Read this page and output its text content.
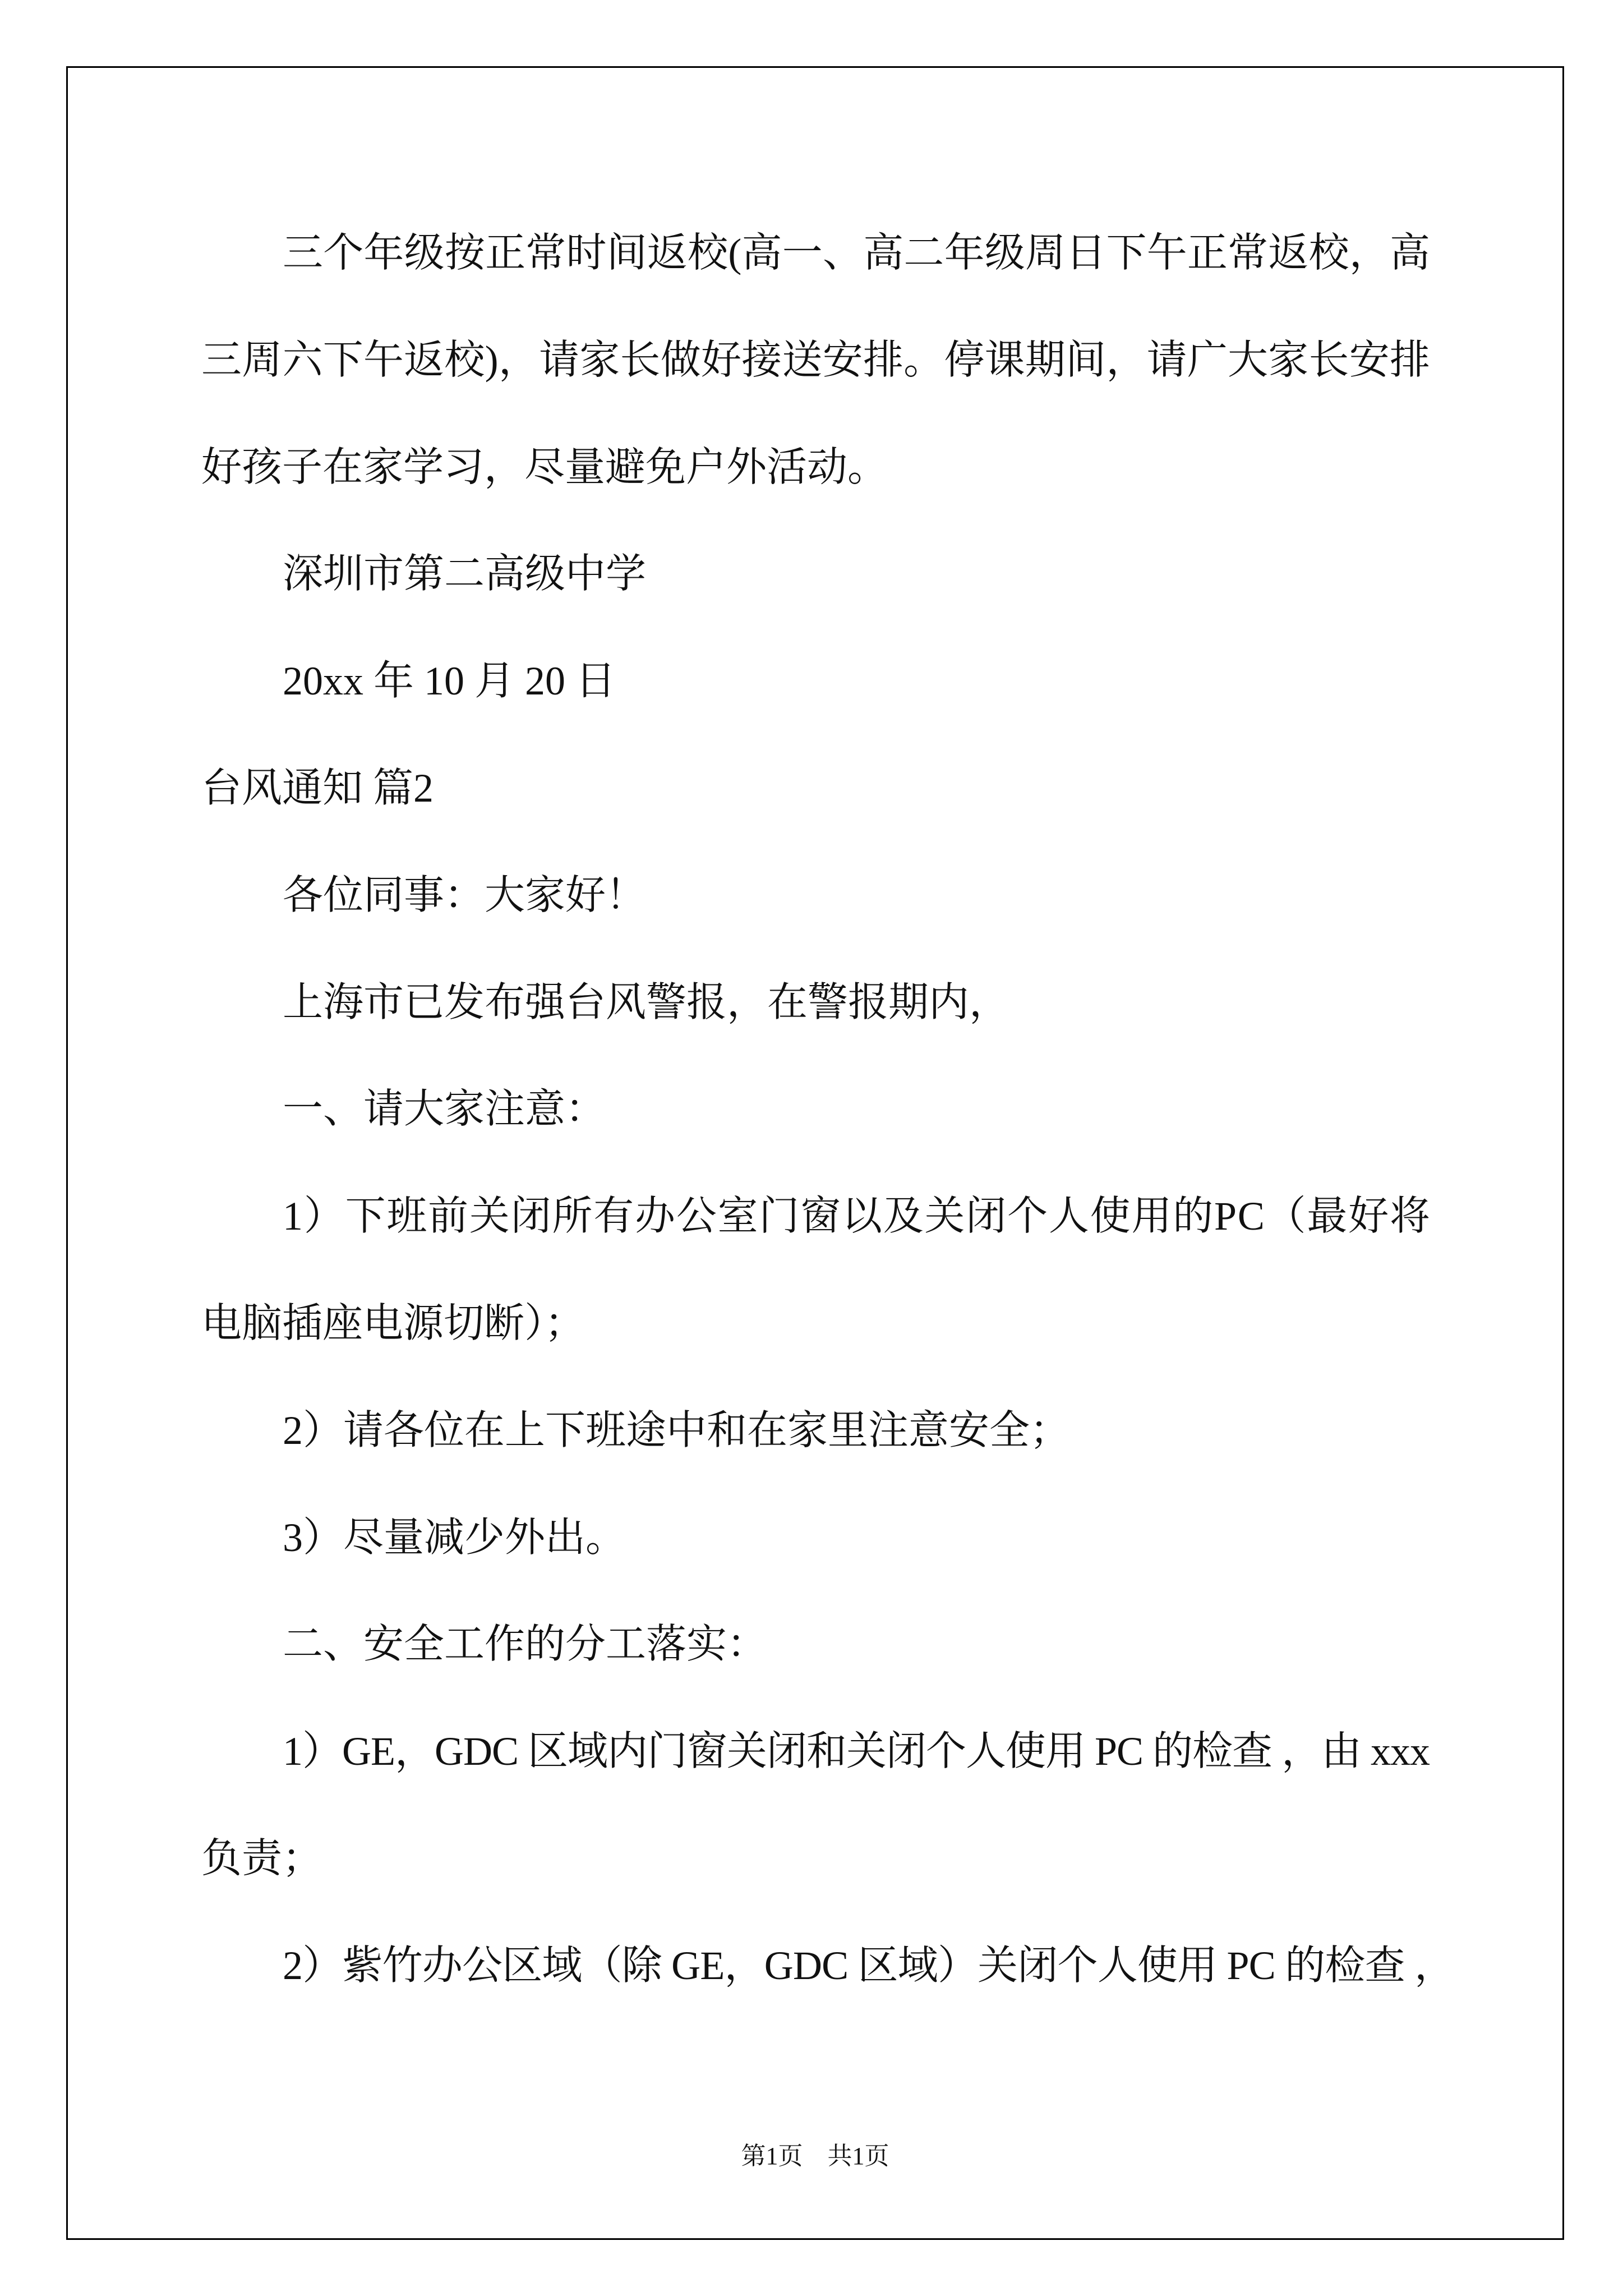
三个年级按正常时间返校(高一、高二年级周日下午正常返校，高
三周六下午返校)，请家长做好接送安排。停课期间，请广大家长安排
好孩子在家学习，尽量避免户外活动。
深圳市第二高级中学
20xx 年 10 月 20 日
台风通知 篇2
各位同事：大家好！
上海市已发布强台风警报，在警报期内，
一、请大家注意：
1）下班前关闭所有办公室门窗以及关闭个人使用的PC（最好将
电脑插座电源切断）；
2）请各位在上下班途中和在家里注意安全；
3）尽量减少外出。
二、安全工作的分工落实：
1）GE，GDC 区域内门窗关闭和关闭个人使用 PC 的检查 ，由 xxx
负责；
2）紫竹办公区域（除 GE，GDC 区域）关闭个人使用 PC 的检查 ，
第1页　共1页
